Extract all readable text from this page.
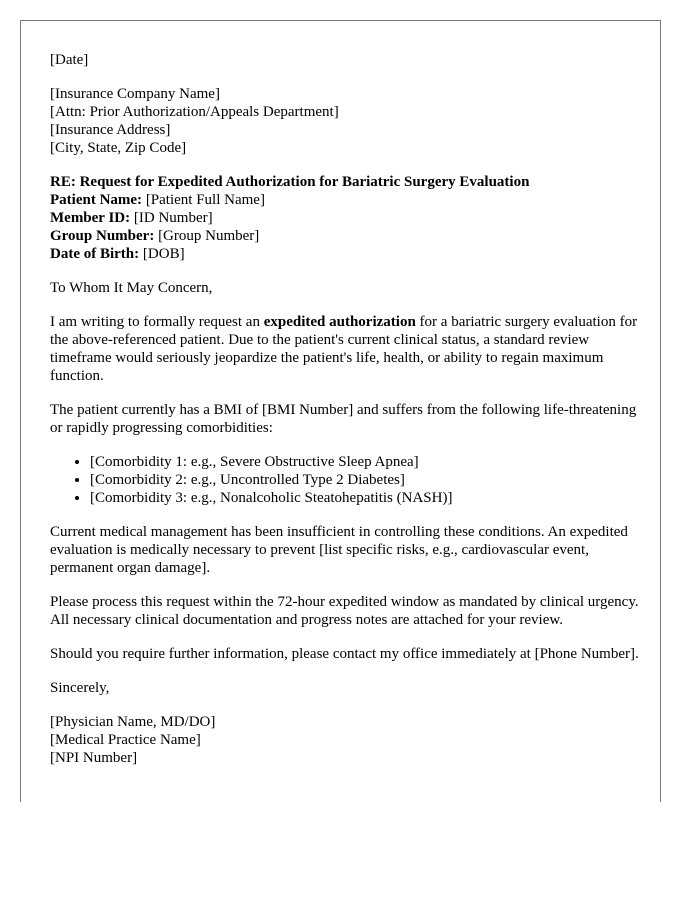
[Date]

[Insurance Company Name]
[Attn: Prior Authorization/Appeals Department]
[Insurance Address]
[City, State, Zip Code]
RE: Request for Expedited Authorization for Bariatric Surgery Evaluation
Patient Name: [Patient Full Name]
Member ID: [ID Number]
Group Number: [Group Number]
Date of Birth: [DOB]

To Whom It May Concern,

I am writing to formally request an expedited authorization for a bariatric surgery evaluation for the above-referenced patient. Due to the patient's current clinical status, a standard review timeframe would seriously jeopardize the patient's life, health, or ability to regain maximum function.

The patient currently has a BMI of [BMI Number] and suffers from the following life-threatening or rapidly progressing comorbidities:

• [Comorbidity 1: e.g., Severe Obstructive Sleep Apnea]
• [Comorbidity 2: e.g., Uncontrolled Type 2 Diabetes]
• [Comorbidity 3: e.g., Nonalcoholic Steatohepatitis (NASH)]

Current medical management has been insufficient in controlling these conditions. An expedited evaluation is medically necessary to prevent [list specific risks, e.g., cardiovascular event, permanent organ damage].

Please process this request within the 72-hour expedited window as mandated by clinical urgency. All necessary clinical documentation and progress notes are attached for your review.

Should you require further information, please contact my office immediately at [Phone Number].

Sincerely,

[Physician Name, MD/DO]
[Medical Practice Name]
[NPI Number]
